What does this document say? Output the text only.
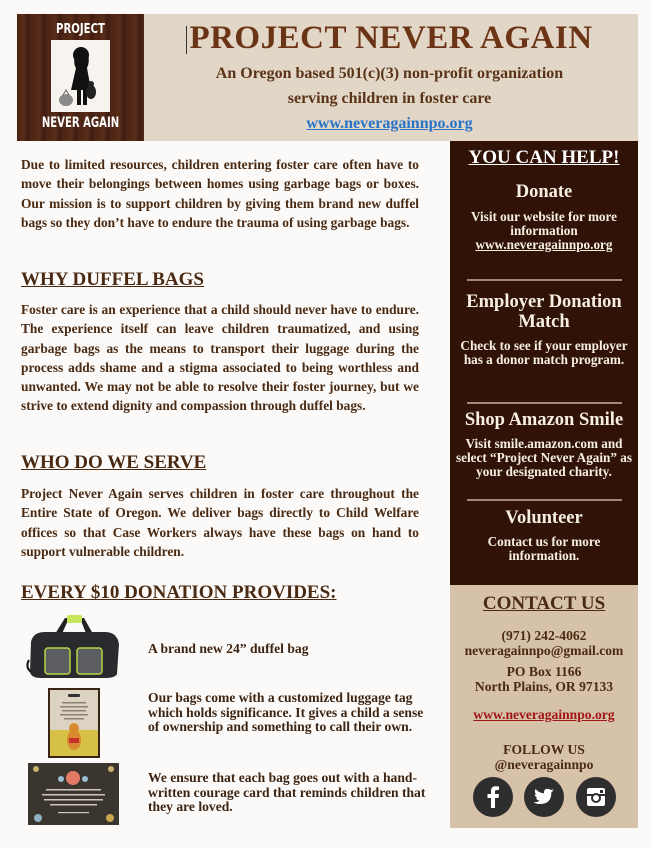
PROJECT
NEVER AGAIN
PROJECT NEVER AGAIN
An Oregon based 501(c)(3) non-profit organization
serving children in foster care
www.neveragainnpo.org

Due to limited resources, children entering foster care often have to move their belongings between homes using garbage bags or boxes. Our mission is to support children by giving them brand new duffel bags so they don’t have to endure the trauma of using garbage bags.

WHY DUFFEL BAGS

Foster care is an experience that a child should never have to endure. The experience itself can leave children traumatized, and using garbage bags as the means to transport their luggage during the process adds shame and a stigma associated to being worthless and unwanted. We may not be able to resolve their foster journey, but we strive to extend dignity and compassion through duffel bags.

WHO DO WE SERVE

Project Never Again serves children in foster care throughout the Entire State of Oregon. We deliver bags directly to Child Welfare offices so that Case Workers always have these bags on hand to support vulnerable children.

EVERY $10 DONATION PROVIDES:
A brand new 24” duffel bag
Our bags come with a customized luggage tag which holds significance. It gives a child a sense of ownership and something to call their own.
We ensure that each bag goes out with a hand-written courage card that reminds children that they are loved.
YOU CAN HELP!
Donate
Visit our website for more information
www.neveragainnpo.org
Employer Donation Match
Check to see if your employer has a donor match program.
Shop Amazon Smile
Visit smile.amazon.com and select “Project Never Again” as your designated charity.
Volunteer
Contact us for more information.
CONTACT US
(971) 242-4062
neveragainnpo@gmail.com
PO Box 1166
North Plains, OR 97133
www.neveragainnpo.org
FOLLOW US
@neveragainnpo
